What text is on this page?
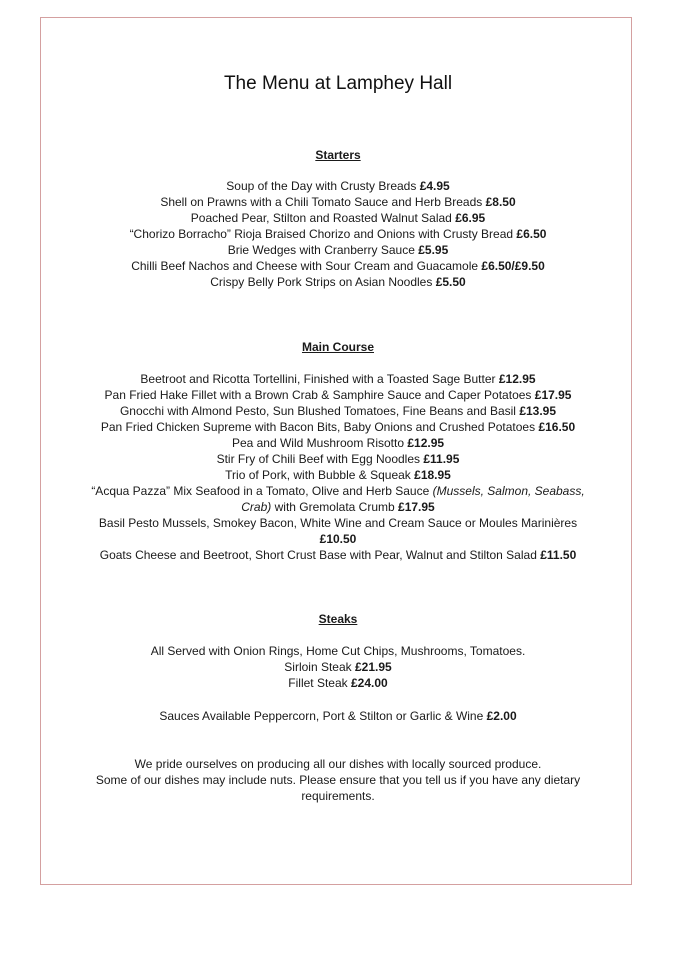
The Menu at Lamphey Hall
Starters
Soup of the Day with Crusty Breads £4.95
Shell on Prawns with a Chili Tomato Sauce and Herb Breads £8.50
Poached Pear, Stilton and Roasted Walnut Salad £6.95
“Chorizo Borracho” Rioja Braised Chorizo and Onions with Crusty Bread £6.50
Brie Wedges with Cranberry Sauce £5.95
Chilli Beef Nachos and Cheese with Sour Cream and Guacamole £6.50/£9.50
Crispy Belly Pork Strips on Asian Noodles £5.50
Main Course
Beetroot and Ricotta Tortellini, Finished with a Toasted Sage Butter £12.95
Pan Fried Hake Fillet with a Brown Crab & Samphire Sauce and Caper Potatoes £17.95
Gnocchi with Almond Pesto, Sun Blushed Tomatoes, Fine Beans and Basil £13.95
Pan Fried Chicken Supreme with Bacon Bits, Baby Onions and Crushed Potatoes £16.50
Pea and Wild Mushroom Risotto £12.95
Stir Fry of Chili Beef with Egg Noodles £11.95
Trio of Pork, with Bubble & Squeak £18.95
“Acqua Pazza” Mix Seafood in a Tomato, Olive and Herb Sauce (Mussels, Salmon, Seabass,
Crab) with Gremolata Crumb £17.95
Basil Pesto Mussels, Smokey Bacon, White Wine and Cream Sauce or Moules Marinières
£10.50
Goats Cheese and Beetroot, Short Crust Base with Pear, Walnut and Stilton Salad £11.50
Steaks
All Served with Onion Rings, Home Cut Chips, Mushrooms, Tomatoes.
Sirloin Steak £21.95
Fillet Steak £24.00
Sauces Available Peppercorn, Port & Stilton or Garlic & Wine £2.00
We pride ourselves on producing all our dishes with locally sourced produce.
Some of our dishes may include nuts. Please ensure that you tell us if you have any dietary
requirements.
